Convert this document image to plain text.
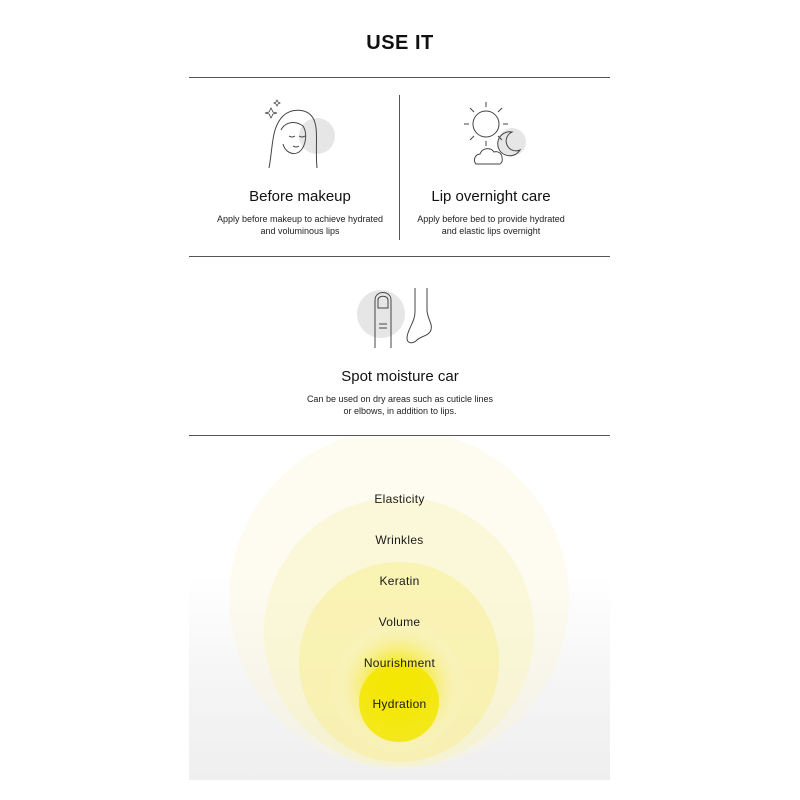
USE IT
Before makeup
Apply before makeup to achieve hydrated
and voluminous lips
Lip overnight care
Apply before bed to provide hydrated
and elastic lips overnight
Spot moisture car
Can be used on dry areas such as cuticle lines
or elbows, in addition to lips.
Elasticity
Wrinkles
Keratin
Volume
Nourishment
Hydration
